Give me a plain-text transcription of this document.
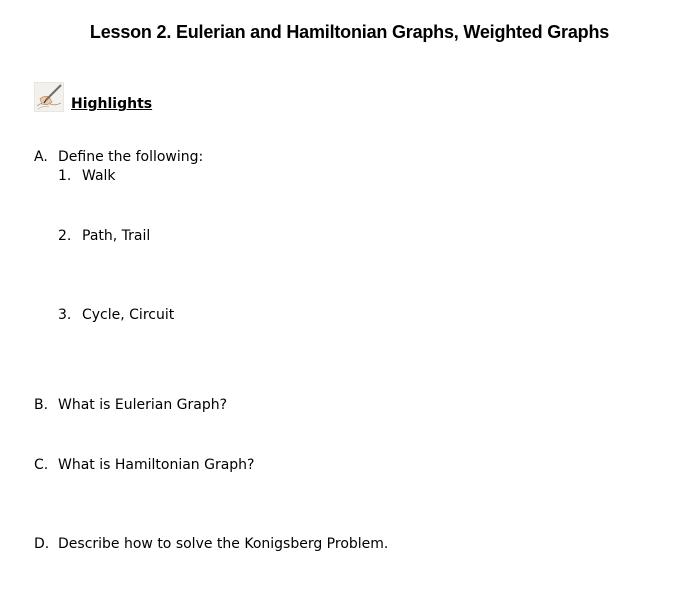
Lesson 2. Eulerian and Hamiltonian Graphs, Weighted Graphs
Highlights
A. Define the following:
1. Walk
2. Path, Trail
3. Cycle, Circuit
B. What is Eulerian Graph?
C. What is Hamiltonian Graph?
D. Describe how to solve the Konigsberg Problem.
